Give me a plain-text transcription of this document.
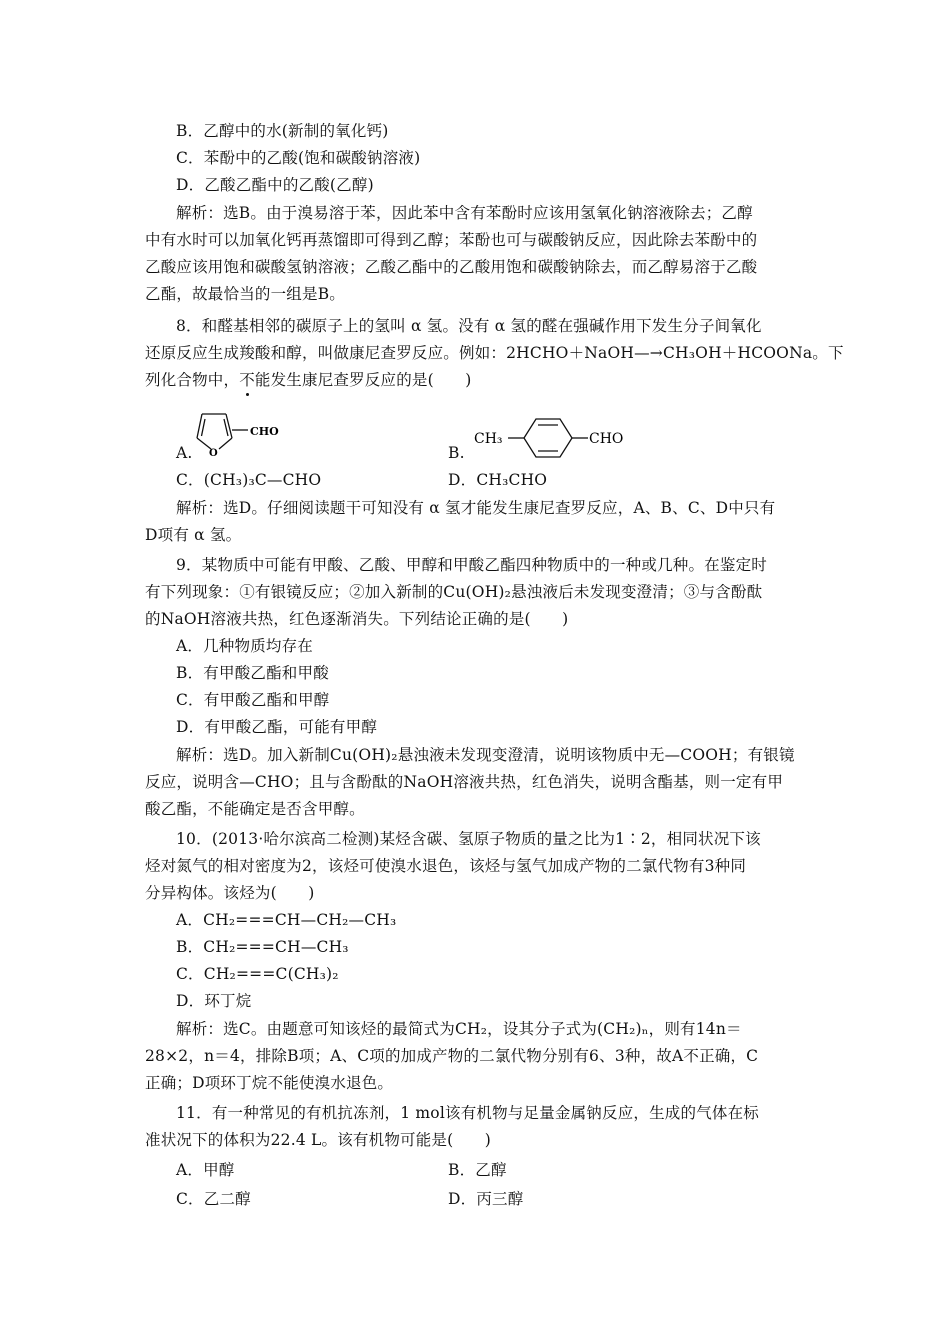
B．乙醇中的水(新制的氧化钙)
C．苯酚中的乙酸(饱和碳酸钠溶液)
D．乙酸乙酯中的乙酸(乙醇)
解析：选B。由于溴易溶于苯，因此苯中含有苯酚时应该用氢氧化钠溶液除去；乙醇
中有水时可以加氧化钙再蒸馏即可得到乙醇；苯酚也可与碳酸钠反应，因此除去苯酚中的
乙酸应该用饱和碳酸氢钠溶液；乙酸乙酯中的乙酸用饱和碳酸钠除去，而乙醇易溶于乙酸
乙酯，故最恰当的一组是B。
8．和醛基相邻的碳原子上的氢叫 α 氢。没有 α 氢的醛在强碱作用下发生分子间氧化
还原反应生成羧酸和醇，叫做康尼查罗反应。例如：2HCHO＋NaOH—→CH₃OH＋HCOONa。下
列化合物中，不能发生康尼查罗反应的是(　　)
A.	O
CHO
B.
CH₃	CHO
C．(CH₃)₃C—CHO	D．CH₃CHO
解析：选D。仔细阅读题干可知没有 α 氢才能发生康尼查罗反应，A、B、C、D中只有
D项有 α 氢。
9．某物质中可能有甲酸、乙酸、甲醇和甲酸乙酯四种物质中的一种或几种。在鉴定时
有下列现象：①有银镜反应；②加入新制的Cu(OH)₂悬浊液后未发现变澄清；③与含酚酞
的NaOH溶液共热，红色逐渐消失。下列结论正确的是(　　)
A．几种物质均存在
B．有甲酸乙酯和甲酸
C．有甲酸乙酯和甲醇
D．有甲酸乙酯，可能有甲醇
解析：选D。加入新制Cu(OH)₂悬浊液未发现变澄清，说明该物质中无—COOH；有银镜
反应，说明含—CHO；且与含酚酞的NaOH溶液共热，红色消失，说明含酯基，则一定有甲
酸乙酯，不能确定是否含甲醇。
10．(2013·哈尔滨高二检测)某烃含碳、氢原子物质的量之比为1∶2，相同状况下该
烃对氮气的相对密度为2，该烃可使溴水退色，该烃与氢气加成产物的二氯代物有3种同
分异构体。该烃为(　　)
A．CH₂===CH—CH₂—CH₃
B．CH₂===CH—CH₃
C．CH₂===C(CH₃)₂
D．环丁烷
解析：选C。由题意可知该烃的最简式为CH₂，设其分子式为(CH₂)ₙ，则有14n＝
28×2，n＝4，排除B项；A、C项的加成产物的二氯代物分别有6、3种，故A不正确，C
正确；D项环丁烷不能使溴水退色。
11．有一种常见的有机抗冻剂，1 mol该有机物与足量金属钠反应，生成的气体在标
准状况下的体积为22.4 L。该有机物可能是(　　)
A．甲醇	B．乙醇
C．乙二醇	D．丙三醇
